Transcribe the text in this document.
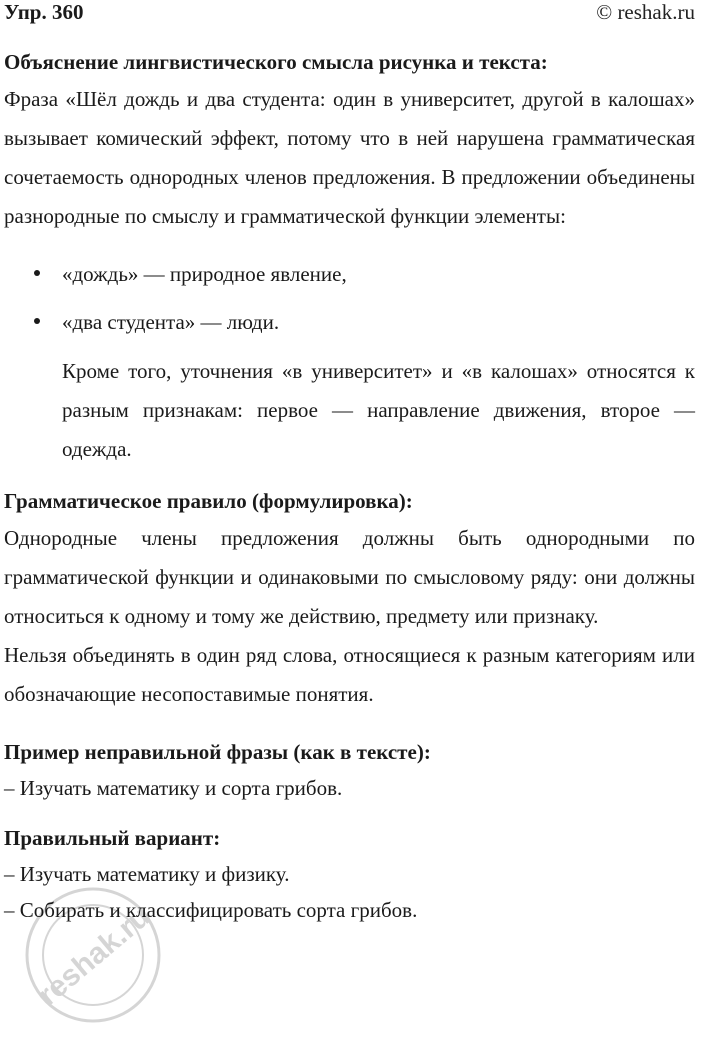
Упр. 360	© reshak.ru
Объяснение лингвистического смысла рисунка и текста:

Фраза «Шёл дождь и два студента: один в университет, другой в калошах» вызывает комический эффект, потому что в ней нарушена грамматическая сочетаемость однородных членов предложения. В предложении объединены разнородные по смыслу и грамматической функции элементы:

«дождь» — природное явление,
«два студента» — люди.

Кроме того, уточнения «в университет» и «в калошах» относятся к разным признакам: первое — направление движения, второе — одежда.

Грамматическое правило (формулировка):

Однородные члены предложения должны быть однородными по грамматической функции и одинаковыми по смысловому ряду: они должны относиться к одному и тому же действию, предмету или признаку.

Нельзя объединять в один ряд слова, относящиеся к разным категориям или обозначающие несопоставимые понятия.

Пример неправильной фразы (как в тексте):

– Изучать математику и сорта грибов.

Правильный вариант:

– Изучать математику и физику.

– Собирать и классифицировать сорта грибов.

reshak.ru
